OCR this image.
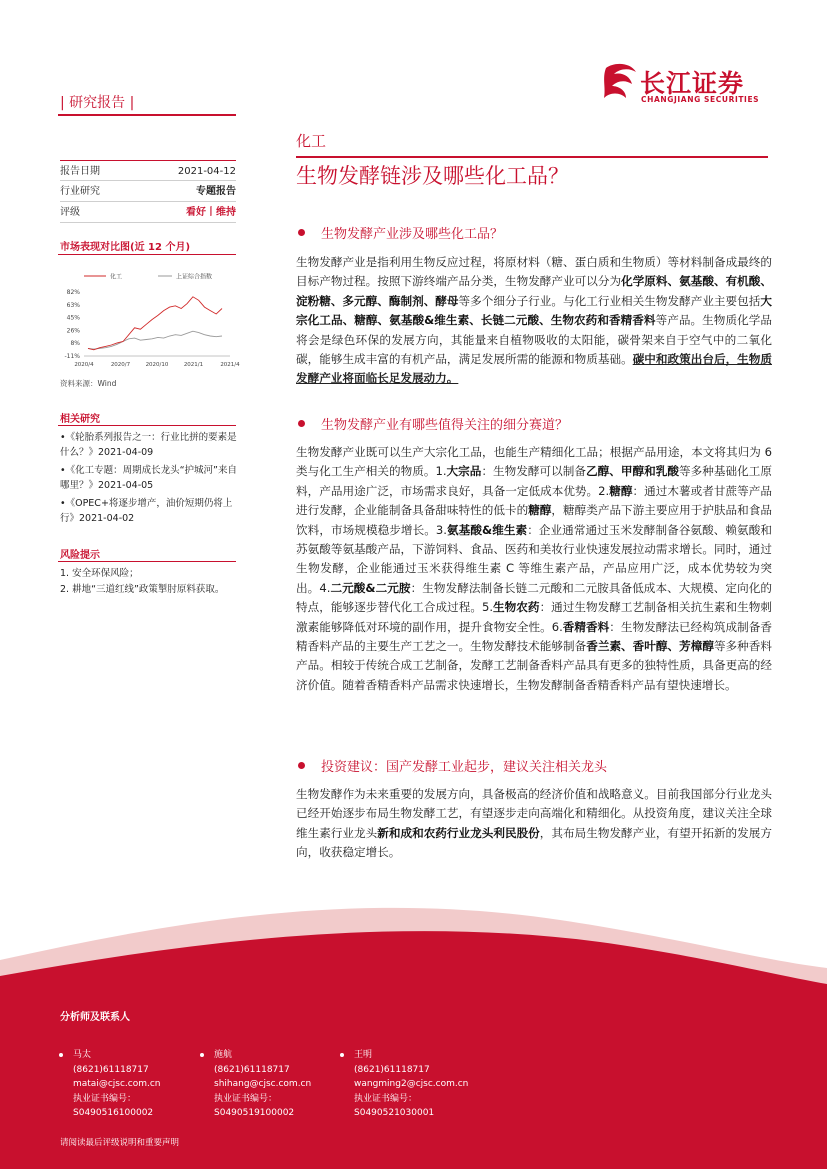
长江证券
CHANGJIANG SECURITIES
| 研究报告 |
报告日期	2021-04-12
行业研究	专题报告
评级	看好丨维持
市场表现对比图(近 12 个月)
化工	上证综合指数
82%
63%
45%
26%
8%
-11%
2020/4	2020/7	2020/10	2021/1	2021/4
资料来源：Wind
相关研究
•《轮胎系列报告之一：行业比拼的要素是什么？》2021-04-09
•《化工专题：周期成长龙头“护城河”来自哪里？》2021-04-05
•《OPEC+将逐步增产，油价短期仍将上行》2021-04-02
风险提示
1. 安全环保风险；
2. 耕地“三道红线”政策掣肘原料获取。
化工
生物发酵链涉及哪些化工品？
生物发酵产业涉及哪些化工品？
生物发酵产业是指利用生物反应过程，将原材料（糖、蛋白质和生物质）等材料制备成最终的目标产物过程。按照下游终端产品分类，生物发酵产业可以分为化学原料、氨基酸、有机酸、淀粉糖、多元醇、酶制剂、酵母等多个细分子行业。与化工行业相关生物发酵产业主要包括大宗化工品、糖醇、氨基酸&维生素、长链二元酸、生物农药和香精香料等产品。生物质化学品将会是绿色环保的发展方向，其能量来自植物吸收的太阳能，碳骨架来自于空气中的二氧化碳，能够生成丰富的有机产品，满足发展所需的能源和物质基础。碳中和政策出台后，生物质发酵产业将面临长足发展动力。
生物发酵产业有哪些值得关注的细分赛道？
生物发酵产业既可以生产大宗化工品，也能生产精细化工品；根据产品用途，本文将其归为 6 类与化工生产相关的物质。1.大宗品：生物发酵可以制备乙醇、甲醇和乳酸等多种基础化工原料，产品用途广泛，市场需求良好，具备一定低成本优势。2.糖醇：通过木薯或者甘蔗等产品进行发酵，企业能制备具备甜味特性的低卡的糖醇，糖醇类产品下游主要应用于护肤品和食品饮料，市场规模稳步增长。3.氨基酸&维生素：企业通常通过玉米发酵制备谷氨酸、赖氨酸和苏氨酸等氨基酸产品，下游饲料、食品、医药和美妆行业快速发展拉动需求增长。同时，通过生物发酵，企业能通过玉米获得维生素 C 等维生素产品，产品应用广泛，成本优势较为突出。4.二元酸&二元胺：生物发酵法制备长链二元酸和二元胺具备低成本、大规模、定向化的特点，能够逐步替代化工合成过程。5.生物农药：通过生物发酵工艺制备相关抗生素和生物刺激素能够降低对环境的副作用，提升食物安全性。6.香精香料：生物发酵法已经构筑成制备香精香料产品的主要生产工艺之一。生物发酵技术能够制备香兰素、香叶醇、芳樟醇等多种香料产品。相较于传统合成工艺制备，发酵工艺制备香料产品具有更多的独特性质，具备更高的经济价值。随着香精香料产品需求快速增长，生物发酵制备香精香料产品有望快速增长。
投资建议：国产发酵工业起步，建议关注相关龙头
生物发酵作为未来重要的发展方向，具备极高的经济价值和战略意义。目前我国部分行业龙头已经开始逐步布局生物发酵工艺，有望逐步走向高端化和精细化。从投资角度，建议关注全球维生素行业龙头新和成和农药行业龙头利民股份，其布局生物发酵产业，有望开拓新的发展方向，收获稳定增长。
分析师及联系人
马太
(8621)61118717
matai@cjsc.com.cn
执业证书编号：
S0490516100002
施航
(8621)61118717
shihang@cjsc.com.cn
执业证书编号：
S0490519100002
王明
(8621)61118717
wangming2@cjsc.com.cn
执业证书编号：
S0490521030001
请阅读最后评级说明和重要声明
